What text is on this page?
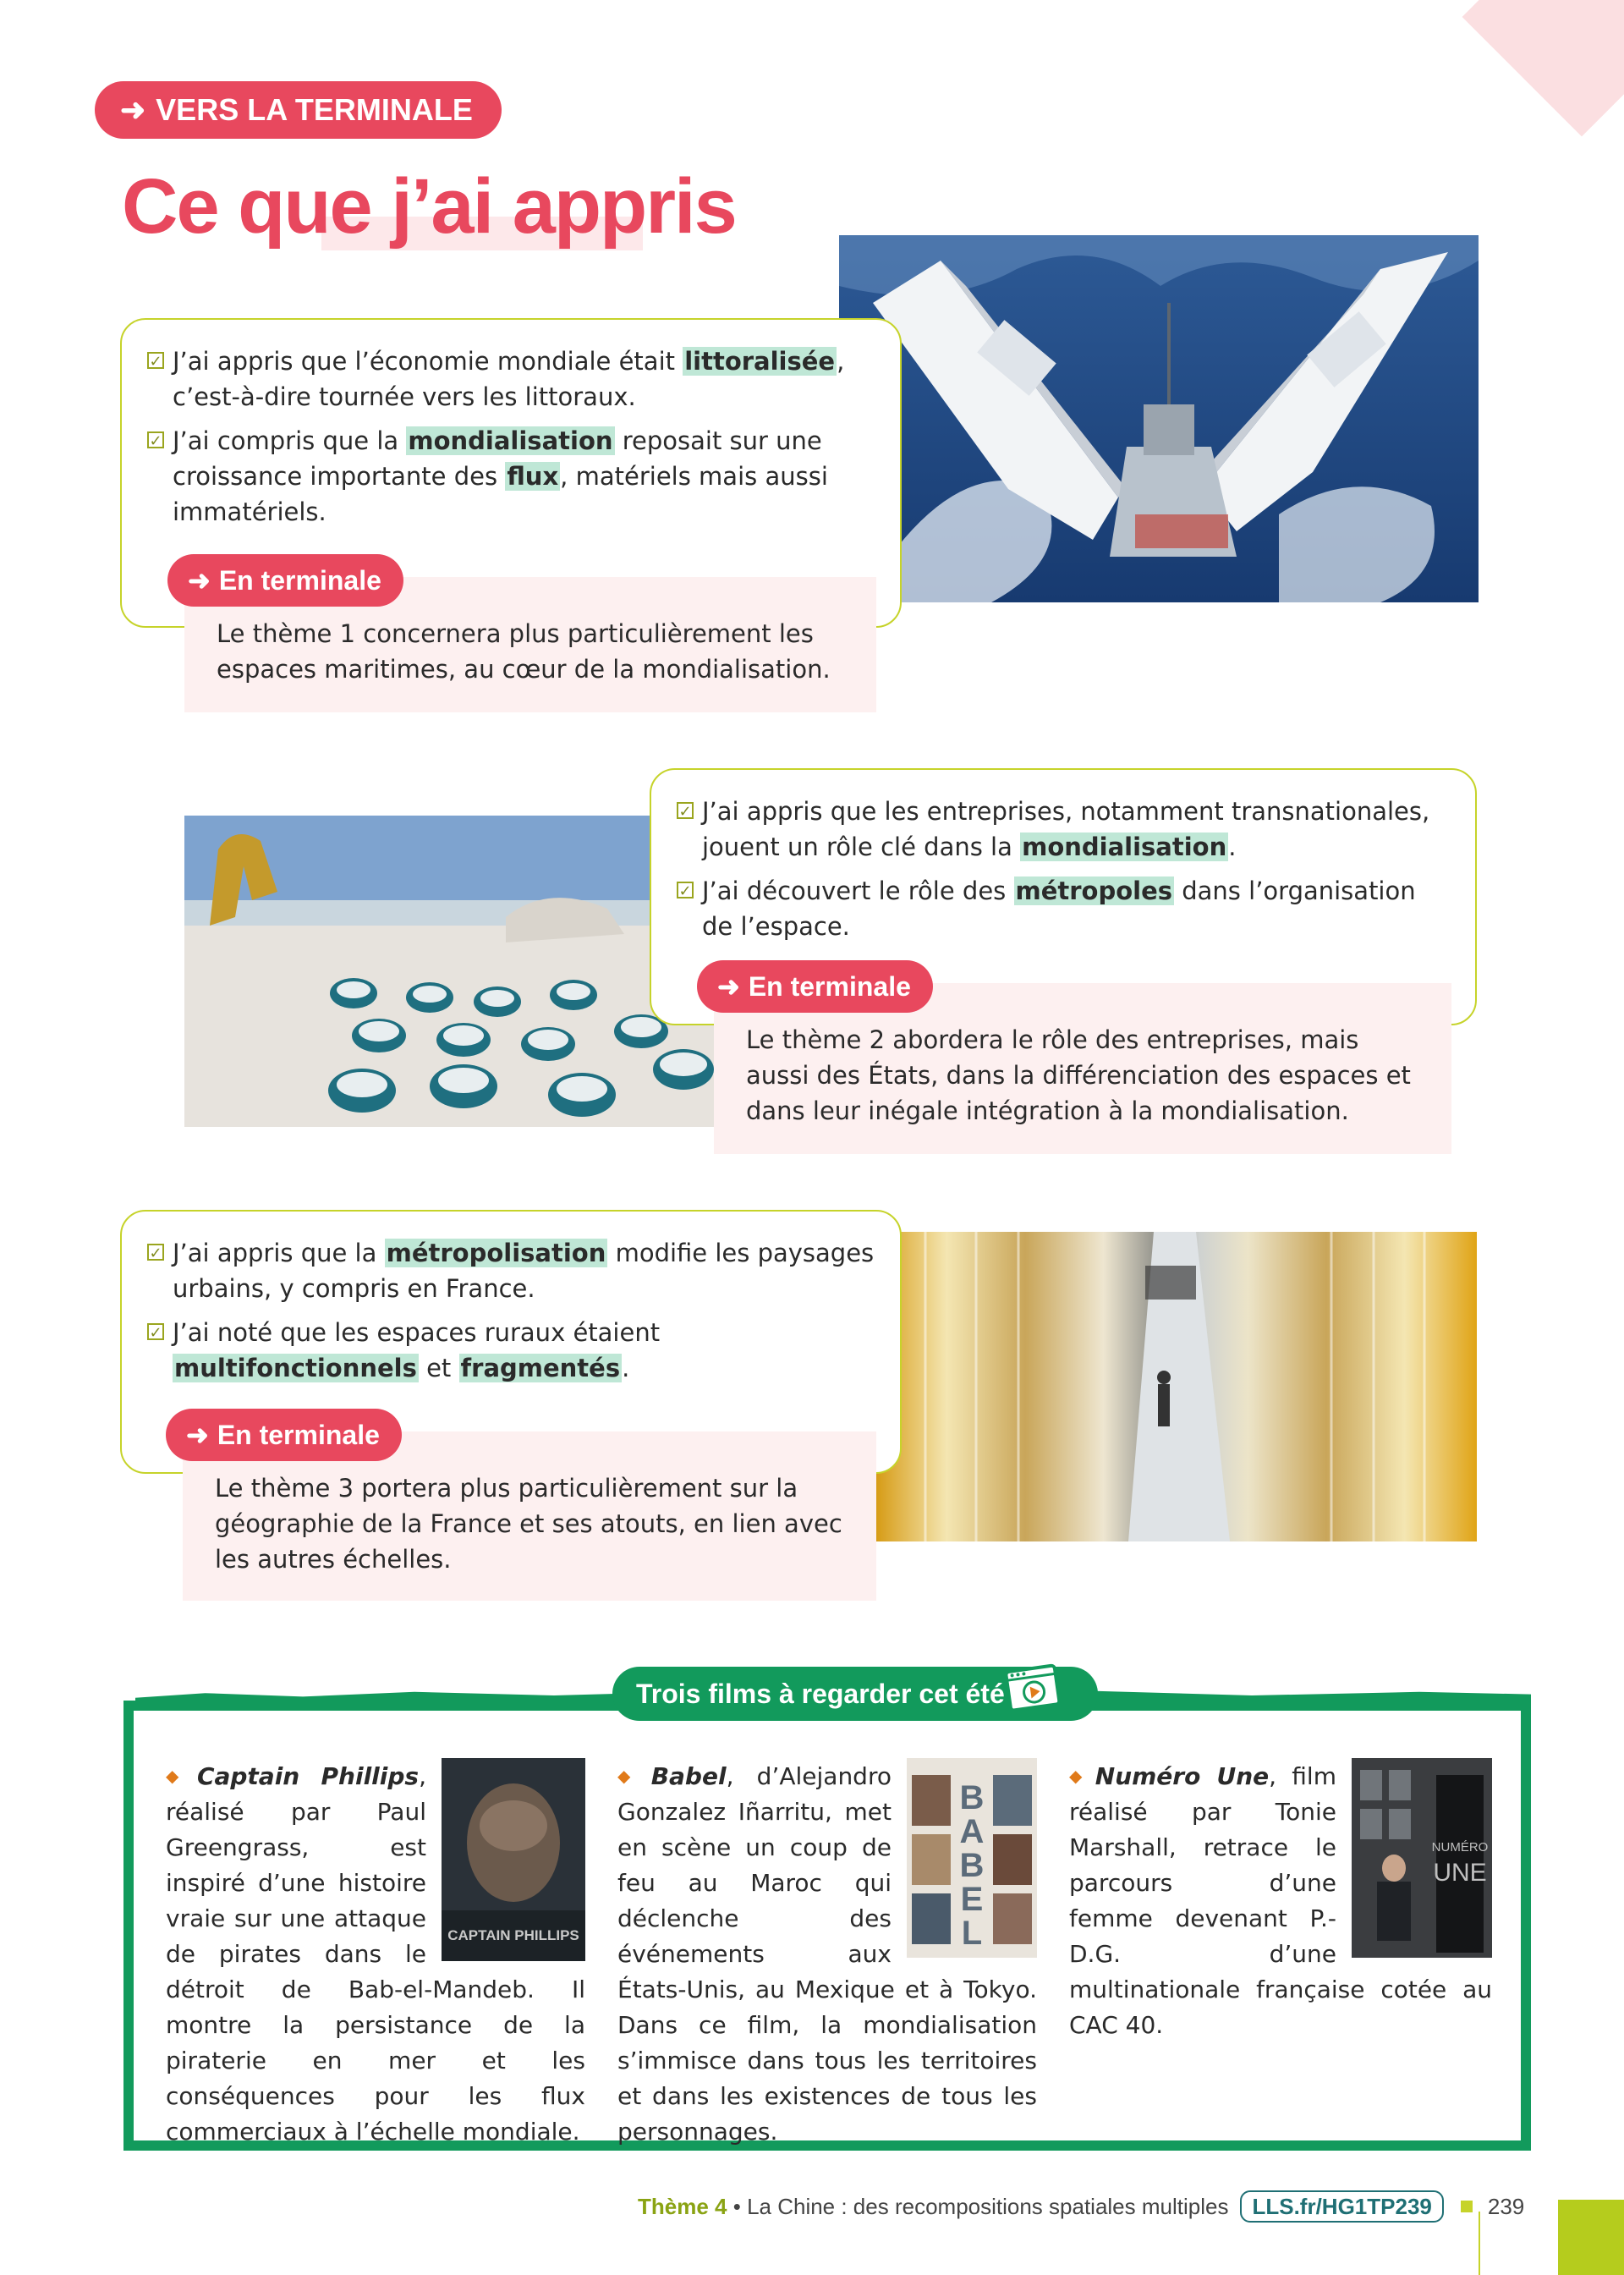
➜ VERS LA TERMINALE
Ce que j’ai appris
✓ J’ai appris que l’économie mondiale était littoralisée, c’est-à-dire tournée vers les littoraux.
✓ J’ai compris que la mondialisation reposait sur une croissance importante des flux, matériels mais aussi immatériels.
Le thème 1 concernera plus particulièrement les espaces maritimes, au cœur de la mondialisation.
➜ En terminale
✓ J’ai appris que les entreprises, notamment transnationales, jouent un rôle clé dans la mondialisation.
✓ J’ai découvert le rôle des métropoles dans l’organisation de l’espace.
Le thème 2 abordera le rôle des entreprises, mais aussi des États, dans la différenciation des espaces et dans leur inégale intégration à la mondialisation.
➜ En terminale
✓ J’ai appris que la métropolisation modifie les paysages urbains, y compris en France.
✓ J’ai noté que les espaces ruraux étaient multifonctionnels et fragmentés.
Le thème 3 portera plus particulièrement sur la géographie de la France et ses atouts, en lien avec les autres échelles.
➜ En terminale
Trois films à regarder cet été
CAPTAIN PHILLIPS
◆ Captain Phillips, réalisé par Paul Greengrass, est inspiré d’une histoire vraie sur une attaque de pirates dans le détroit de Bab-el-Mandeb. Il montre la persistance de la piraterie en mer et les conséquences pour les flux commerciaux à l’échelle mondiale.
B
A
B
E
L
◆ Babel, d’Alejandro Gonzalez Iñarritu, met en scène un coup de feu au Maroc qui déclenche des événements aux États-Unis, au Mexique et à Tokyo. Dans ce film, la mondialisation s’immisce dans tous les territoires et dans les existences de tous les personnages.
NUMÉRO
UNE
◆ Numéro Une, film réalisé par Tonie Marshall, retrace le parcours d’une femme devenant P.-D.G. d’une multinationale française cotée au CAC 40.
Thème 4 • La Chine : des recompositions spatiales multiples	LLS.fr/HG1TP239	239
